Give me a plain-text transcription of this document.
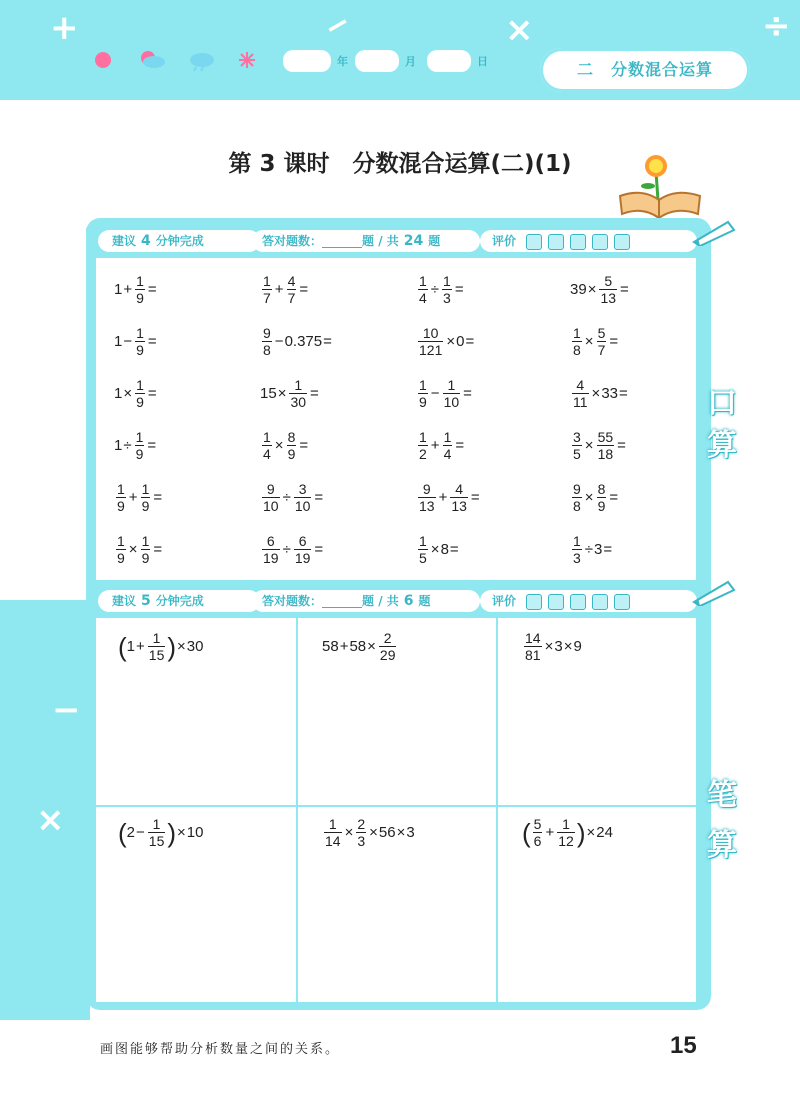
+	−	×	÷
年	月	日	二　分数混合运算
−
×
第 3 课时　分数混合运算(二)(1)
建议 4 分钟完成	答对题数：	题 / 共 24 题	评价
$1 + \frac{1}{9}$ =	$\frac{1}{7} + \frac{4}{7}$ =	$\frac{1}{4} \div \frac{1}{3}$ =	$39 \times \frac{5}{13}$ =
$1 - \frac{1}{9}$ =	$\frac{9}{8} - 0.375$ =	$\frac{10}{121} \times 0$ =	$\frac{1}{8} \times \frac{5}{7}$ =
$1 \times \frac{1}{9}$ =	$15 \times \frac{1}{30}$ =	$\frac{1}{9} - \frac{1}{10}$ =	$\frac{4}{11} \times 33$ =
$1 \div \frac{1}{9}$ =	$\frac{1}{4} \times \frac{8}{9}$ =	$\frac{1}{2} + \frac{1}{4}$ =	$\frac{3}{5} \times \frac{55}{18}$ =
$\frac{1}{9} + \frac{1}{9}$ =	$\frac{9}{10} \div \frac{3}{10}$ =	$\frac{9}{13} + \frac{4}{13}$ =	$\frac{9}{8} \times \frac{8}{9}$ =
$\frac{1}{9} \times \frac{1}{9}$ =	$\frac{6}{19} \div \frac{6}{19}$ =	$\frac{1}{5} \times 8$ =	$\frac{1}{3} \div 3$ =
建议 5 分钟完成	答对题数：	题 / 共 6 题	评价
( $1 + \frac{1}{15}$ ) × 30	$58 + 58 \times \frac{2}{29}$	$\frac{14}{81} \times 3 \times 9$
( $2 - \frac{1}{15}$ ) × 10	$\frac{1}{14} \times \frac{2}{3} \times 56 \times 3$	( $\frac{5}{6} + \frac{1}{12}$ ) × 24
口
算
笔
算
画图能够帮助分析数量之间的关系。	15
